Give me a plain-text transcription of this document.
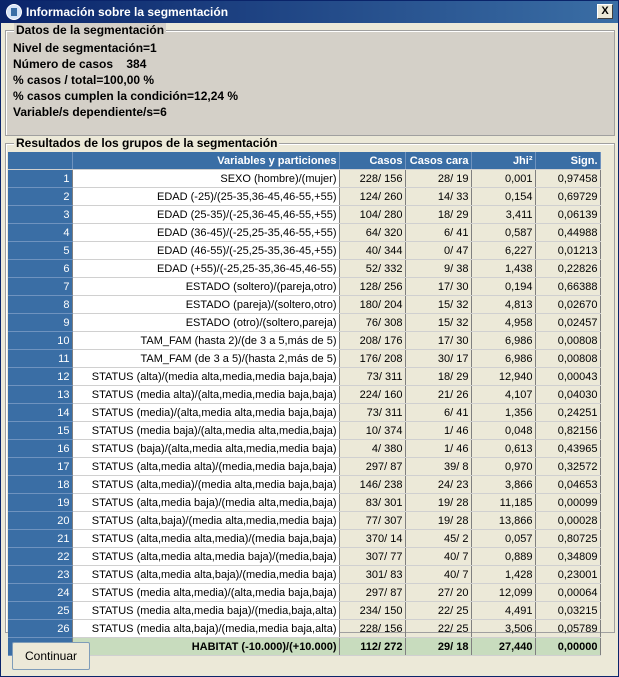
Información sobre la segmentación	X
Datos de la segmentación
Nivel de segmentación=1
Número de casos    384
% casos / total=100,00 %
% casos cumplen la condición=12,24 %
Variable/s dependiente/s=6
Resultados de los grupos de la segmentación
	Variables y particiones	Casos	Casos cara	Jhi²	Sign.
1	SEXO (hombre)/(mujer)	228/ 156	28/ 19	0,001	0,97458
2	EDAD (-25)/(25-35,36-45,46-55,+55)	124/ 260	14/ 33	0,154	0,69729
3	EDAD (25-35)/(-25,36-45,46-55,+55)	104/ 280	18/ 29	3,411	0,06139
4	EDAD (36-45)/(-25,25-35,46-55,+55)	64/ 320	6/ 41	0,587	0,44988
5	EDAD (46-55)/(-25,25-35,36-45,+55)	40/ 344	0/ 47	6,227	0,01213
6	EDAD (+55)/(-25,25-35,36-45,46-55)	52/ 332	9/ 38	1,438	0,22826
7	ESTADO (soltero)/(pareja,otro)	128/ 256	17/ 30	0,194	0,66388
8	ESTADO (pareja)/(soltero,otro)	180/ 204	15/ 32	4,813	0,02670
9	ESTADO (otro)/(soltero,pareja)	76/ 308	15/ 32	4,958	0,02457
10	TAM_FAM (hasta 2)/(de 3 a 5,más de 5)	208/ 176	17/ 30	6,986	0,00808
11	TAM_FAM (de 3 a 5)/(hasta 2,más de 5)	176/ 208	30/ 17	6,986	0,00808
12	STATUS (alta)/(media alta,media,media baja,baja)	73/ 311	18/ 29	12,940	0,00043
13	STATUS (media alta)/(alta,media,media baja,baja)	224/ 160	21/ 26	4,107	0,04030
14	STATUS (media)/(alta,media alta,media baja,baja)	73/ 311	6/ 41	1,356	0,24251
15	STATUS (media baja)/(alta,media alta,media,baja)	10/ 374	1/ 46	0,048	0,82156
16	STATUS (baja)/(alta,media alta,media,media baja)	4/ 380	1/ 46	0,613	0,43965
17	STATUS (alta,media alta)/(media,media baja,baja)	297/ 87	39/ 8	0,970	0,32572
18	STATUS (alta,media)/(media alta,media baja,baja)	146/ 238	24/ 23	3,866	0,04653
19	STATUS (alta,media baja)/(media alta,media,baja)	83/ 301	19/ 28	11,185	0,00099
20	STATUS (alta,baja)/(media alta,media,media baja)	77/ 307	19/ 28	13,866	0,00028
21	STATUS (alta,media alta,media)/(media baja,baja)	370/ 14	45/ 2	0,057	0,80725
22	STATUS (alta,media alta,media baja)/(media,baja)	307/ 77	40/ 7	0,889	0,34809
23	STATUS (alta,media alta,baja)/(media,media baja)	301/ 83	40/ 7	1,428	0,23001
24	STATUS (media alta,media)/(alta,media baja,baja)	297/ 87	27/ 20	12,099	0,00064
25	STATUS (media alta,media baja)/(media,baja,alta)	234/ 150	22/ 25	4,491	0,03215
26	STATUS (media alta,baja)/(media,media baja,alta)	228/ 156	22/ 25	3,506	0,05789
	HABITAT (-10.000)/(+10.000)	112/ 272	29/ 18	27,440	0,00000
Continuar
